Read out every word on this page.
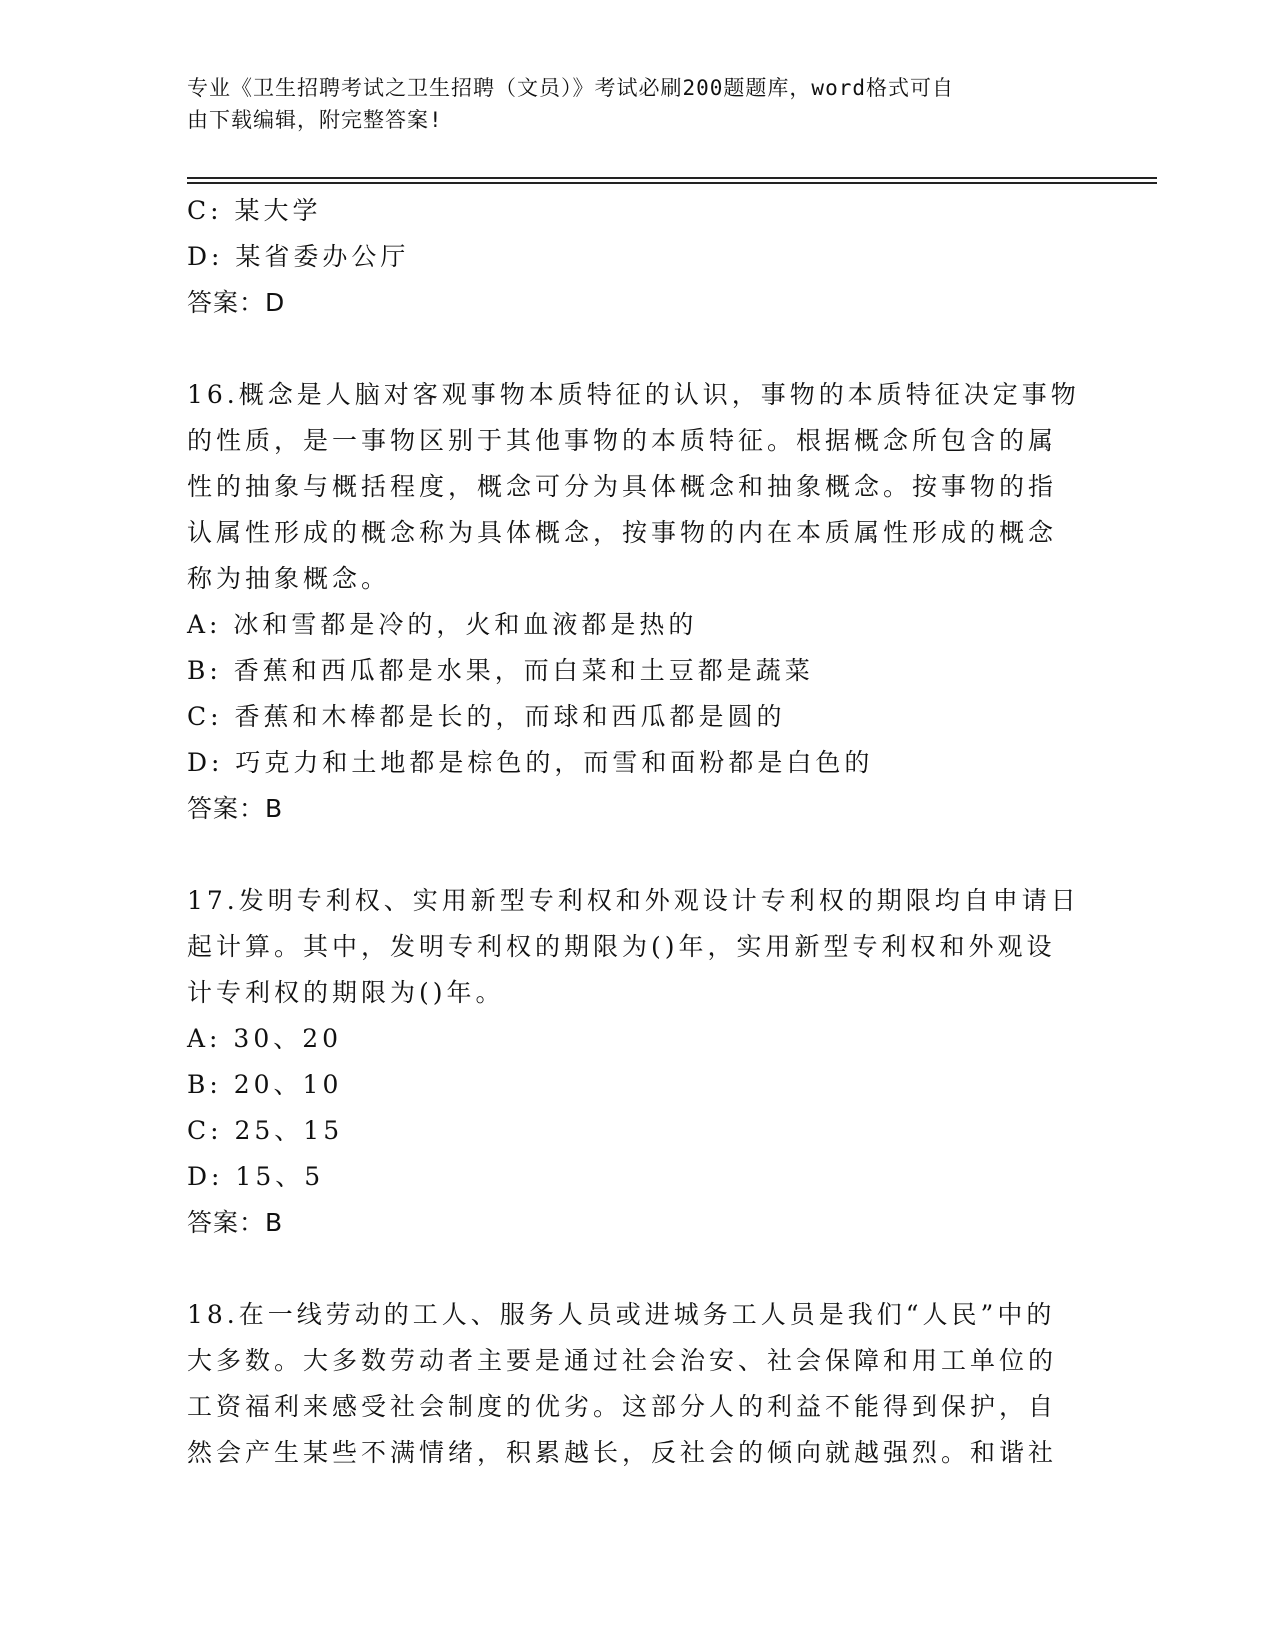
专业《卫生招聘考试之卫生招聘（文员）》考试必刷200题题库，word格式可自
由下载编辑，附完整答案!
C: 某大学
D: 某省委办公厅
答案：D
16.概念是人脑对客观事物本质特征的认识，事物的本质特征决定事物
的性质，是一事物区别于其他事物的本质特征。根据概念所包含的属
性的抽象与概括程度，概念可分为具体概念和抽象概念。按事物的指
认属性形成的概念称为具体概念，按事物的内在本质属性形成的概念
称为抽象概念。
A: 冰和雪都是冷的，火和血液都是热的
B: 香蕉和西瓜都是水果，而白菜和土豆都是蔬菜
C: 香蕉和木棒都是长的，而球和西瓜都是圆的
D: 巧克力和土地都是棕色的，而雪和面粉都是白色的
答案：B
17.发明专利权、实用新型专利权和外观设计专利权的期限均自申请日
起计算。其中，发明专利权的期限为()年，实用新型专利权和外观设
计专利权的期限为()年。
A: 30、20
B: 20、10
C: 25、15
D: 15、5
答案：B
18.在一线劳动的工人、服务人员或进城务工人员是我们“人民”中的
大多数。大多数劳动者主要是通过社会治安、社会保障和用工单位的
工资福利来感受社会制度的优劣。这部分人的利益不能得到保护，自
然会产生某些不满情绪，积累越长，反社会的倾向就越强烈。和谐社
